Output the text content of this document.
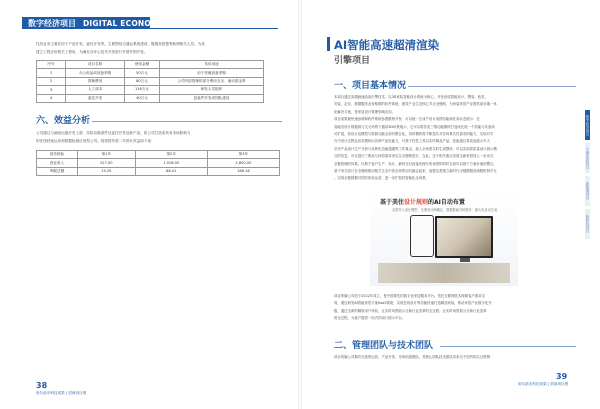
数字经济项目 DIGITAL ECONOMY
托经业务主要应用于产品开发，委托开发等。主要围绕为通业系统建设、搬置高智慧等助网相关人员，为其
建立工程应用相关工程用，为满足各环心技术开发进行开展外围开发。
序号	项目名称	使用金额	具体用途
1	办公用品或设备采购	50万元	用于采硬设备采购
2	管理费用	80万元	公司内部管理的部分费用支出、流动资金等
3	人工成本	116万元	研发人员组织
4	委托开发	40万元	包装件开发或团队建设
六、效益分析
公司通过与新政运施开发上游、实际各级部件从委托开发及新产品，将公司打造成具有市场影响力
的在线档案运用和数据检测应用型公司。现将按年度二年预计效益如下表：
财务指标	第1年	第2年	第3年
营业收入	227.00	1,018.00	2,800.00
利税总额	15.25	68.41	188.16
38
哈尔滨市科技成果 | 招商项目册
AI智能高速超清渲染
引擎项目
一、项目基本情况
本项目通过高超画速渲染引擎技术，以3D家装智能设计系统为核心，开发房屋智能设计、整装、柜类、
安装、定价、数据服务业务相联的软件系统，建设产业生态核心节点全链路，为家装家居产业提供前后端一体
化解决方案，是家居设计管理领域应用。
项目成果最快速参照和软件系统参透数格开发：可以统一生成产设计成图功能和在高动态展示：在
高能各设计数据源与交叉场景下通用3D场景展示，它可以将各类三维功能模块打造成比较一个高能与具备高
可扩展，将设计及模型与资源功能全部有整合化。同时模块将不断迭代对各场景共性需求的能力，实现对平
台中设计过程运用各模块出各种产品化能力，可基于性性工具以实时精品产品、技能通过将高品展示平大
宗房产品设计生产分析与各种化功能通通等工作重点，加入全场景实时生成整体，可以实现高质量设计展示模
式的信息，可以进行三维品与体验需求者实实全链路进行，在此，这个相关重点发展全新家居线上一站出式
全链管理的体系。以利于客户生产、设计、最终交付直接处理分的场景的同时全高可以基于方案价值的整合，
基于形式设计在全链路联动相关生态中将全场景实时融合起来，加强完善建立新时代全链路服务流程机制平台
。实现全链数据可控的体验运营，进一步扩展其智能化全场景。
基于美住设计规则的AI自动布置
无需导入设计模型、无需设计师确定、数据智能分析提升、最大化自动生成
项目所属公司创于2022年成立，是中国领先的数字化家居服务平台。依托互联网技术深耕客户需求交
易，通过研发AI智能家居方案SaaS系统，实现在线设计等功能快速打造精品家装，推动家居产业数字化升
级，通过全新的精准用户体验，让实时场景展示全新行业变革的全过程。让实时场景展示全新行业变革
的全过程，为客户提供一站式的设计展示平台。
二、管理团队与技术团队
项目所属公司拥有完备的运营、产品开发、市场拓展团队，其核心团队技术团队均来自于国内知名互联网
数字经济项目
生物医药项目
新能源项目
新材料项目
39
哈尔滨市科技成果 | 招商项目册
